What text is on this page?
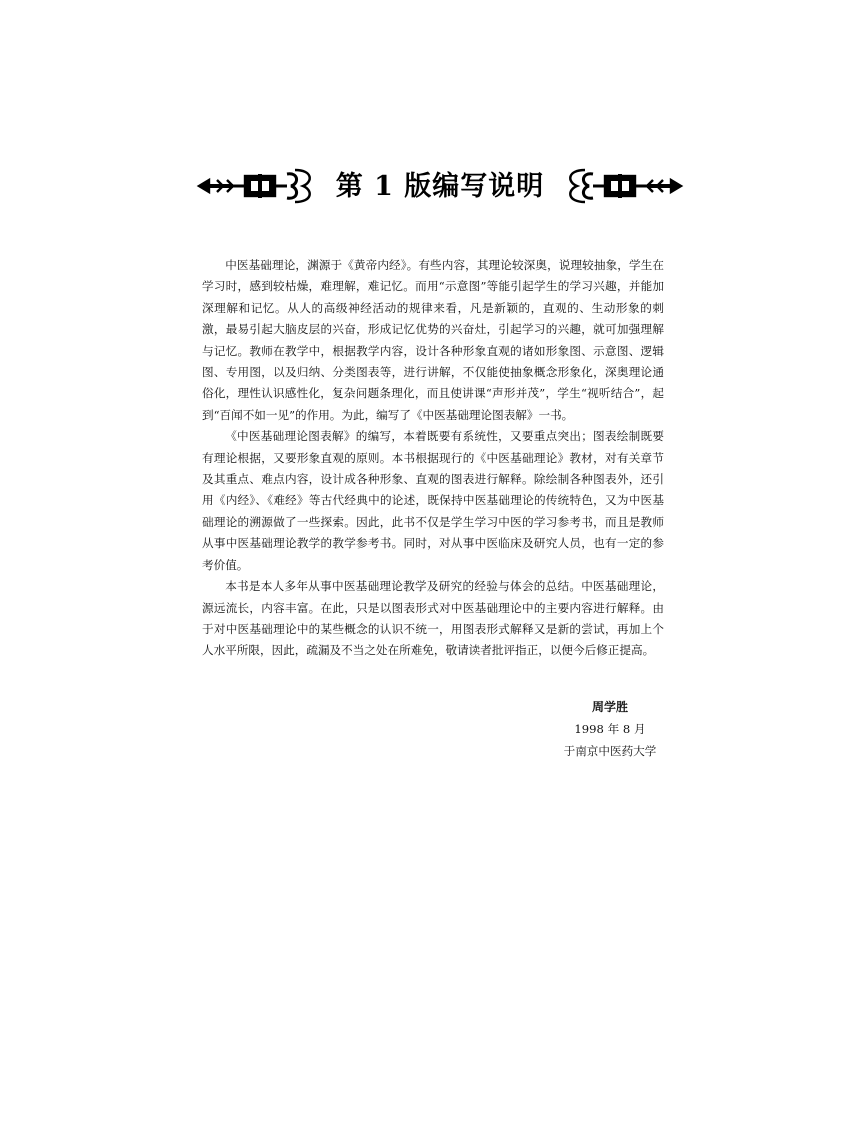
第 1 版编写说明

中医基础理论，渊源于《黄帝内经》。有些内容，其理论较深奥，说理较抽象，学生在学习时，感到较枯燥，难理解，难记忆。而用“示意图”等能引起学生的学习兴趣，并能加深理解和记忆。从人的高级神经活动的规律来看，凡是新颖的，直观的、生动形象的刺激，最易引起大脑皮层的兴奋，形成记忆优势的兴奋灶，引起学习的兴趣，就可加强理解与记忆。教师在教学中，根据教学内容，设计各种形象直观的诸如形象图、示意图、逻辑图、专用图，以及归纳、分类图表等，进行讲解，不仅能使抽象概念形象化，深奥理论通俗化，理性认识感性化，复杂问题条理化，而且使讲课“声形并茂”，学生“视听结合”，起到“百闻不如一见”的作用。为此，编写了《中医基础理论图表解》一书。

《中医基础理论图表解》的编写，本着既要有系统性，又要重点突出；图表绘制既要有理论根据，又要形象直观的原则。本书根据现行的《中医基础理论》教材，对有关章节及其重点、难点内容，设计成各种形象、直观的图表进行解释。除绘制各种图表外，还引用《内经》、《难经》等古代经典中的论述，既保持中医基础理论的传统特色，又为中医基础理论的溯源做了一些探索。因此，此书不仅是学生学习中医的学习参考书，而且是教师从事中医基础理论教学的教学参考书。同时，对从事中医临床及研究人员，也有一定的参考价值。

本书是本人多年从事中医基础理论教学及研究的经验与体会的总结。中医基础理论，源远流长，内容丰富。在此，只是以图表形式对中医基础理论中的主要内容进行解释。由于对中医基础理论中的某些概念的认识不统一，用图表形式解释又是新的尝试，再加上个人水平所限，因此，疏漏及不当之处在所难免，敬请读者批评指正，以便今后修正提高。

周学胜
1998 年 8 月
于南京中医药大学
